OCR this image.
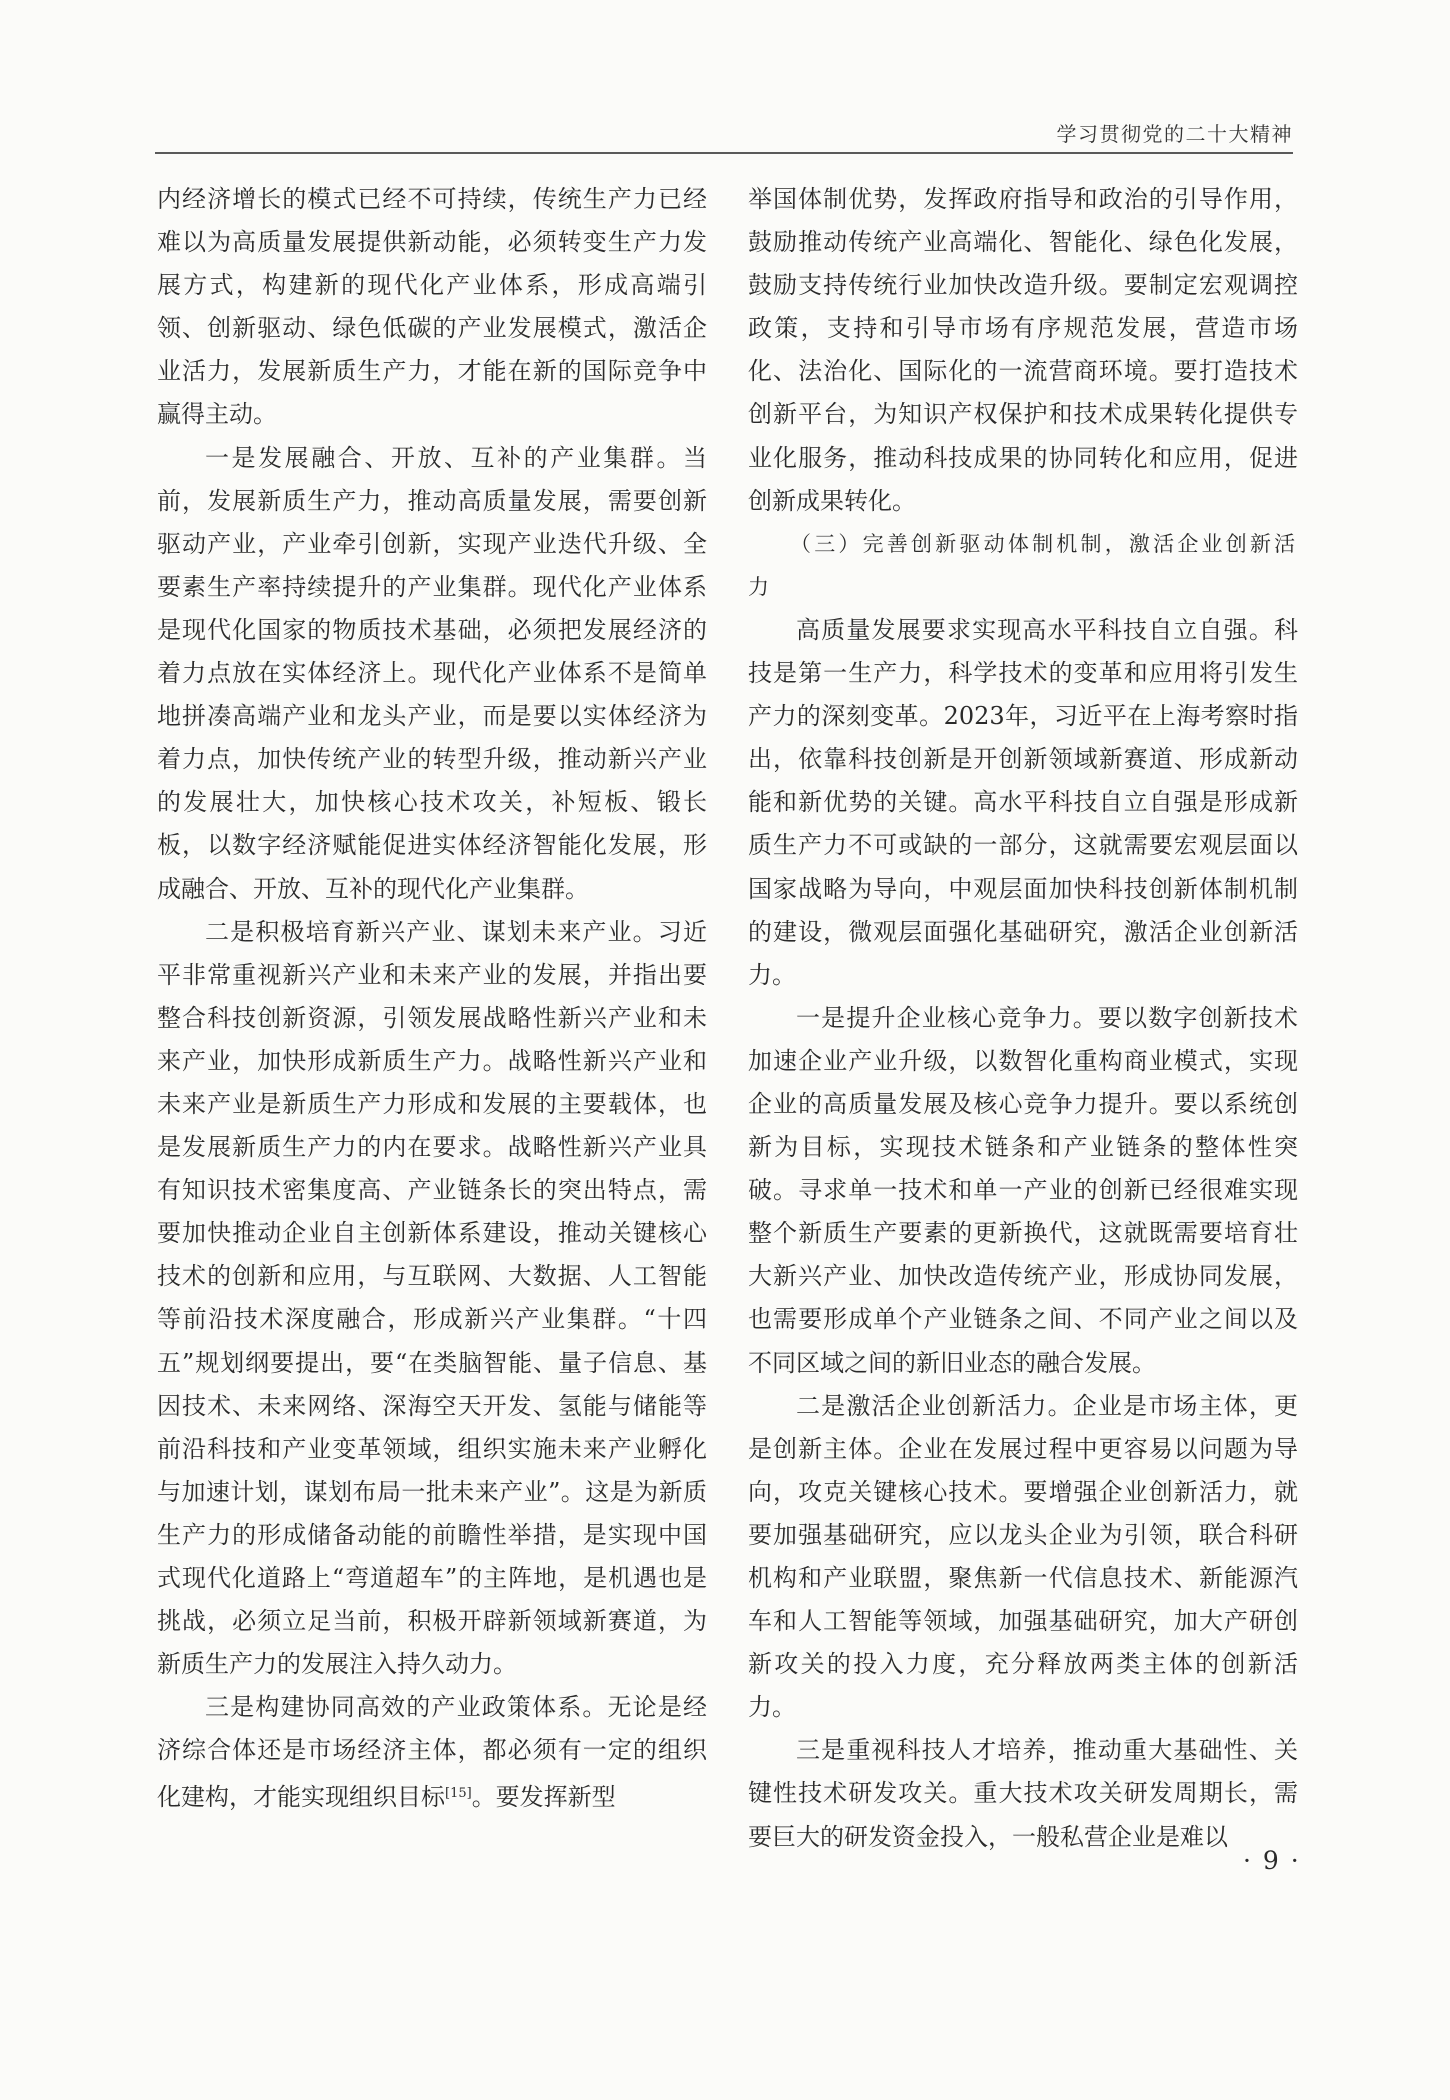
学习贯彻党的二十大精神

内经济增长的模式已经不可持续，传统生产力已经难以为高质量发展提供新动能，必须转变生产力发展方式，构建新的现代化产业体系，形成高端引领、创新驱动、绿色低碳的产业发展模式，激活企业活力，发展新质生产力，才能在新的国际竞争中赢得主动。

一是发展融合、开放、互补的产业集群。当前，发展新质生产力，推动高质量发展，需要创新驱动产业，产业牵引创新，实现产业迭代升级、全要素生产率持续提升的产业集群。现代化产业体系是现代化国家的物质技术基础，必须把发展经济的着力点放在实体经济上。现代化产业体系不是简单地拼凑高端产业和龙头产业，而是要以实体经济为着力点，加快传统产业的转型升级，推动新兴产业的发展壮大，加快核心技术攻关，补短板、锻长板，以数字经济赋能促进实体经济智能化发展，形成融合、开放、互补的现代化产业集群。

二是积极培育新兴产业、谋划未来产业。习近平非常重视新兴产业和未来产业的发展，并指出要整合科技创新资源，引领发展战略性新兴产业和未来产业，加快形成新质生产力。战略性新兴产业和未来产业是新质生产力形成和发展的主要载体，也是发展新质生产力的内在要求。战略性新兴产业具有知识技术密集度高、产业链条长的突出特点，需要加快推动企业自主创新体系建设，推动关键核心技术的创新和应用，与互联网、大数据、人工智能等前沿技术深度融合，形成新兴产业集群。“十四五”规划纲要提出，要“在类脑智能、量子信息、基因技术、未来网络、深海空天开发、氢能与储能等前沿科技和产业变革领域，组织实施未来产业孵化与加速计划，谋划布局一批未来产业”。这是为新质生产力的形成储备动能的前瞻性举措，是实现中国式现代化道路上“弯道超车”的主阵地，是机遇也是挑战，必须立足当前，积极开辟新领域新赛道，为新质生产力的发展注入持久动力。

三是构建协同高效的产业政策体系。无论是经济综合体还是市场经济主体，都必须有一定的组织化建构，才能实现组织目标[15]。要发挥新型

举国体制优势，发挥政府指导和政治的引导作用，鼓励推动传统产业高端化、智能化、绿色化发展，鼓励支持传统行业加快改造升级。要制定宏观调控政策，支持和引导市场有序规范发展，营造市场化、法治化、国际化的一流营商环境。要打造技术创新平台，为知识产权保护和技术成果转化提供专业化服务，推动科技成果的协同转化和应用，促进创新成果转化。

（三）完善创新驱动体制机制，激活企业创新活力

高质量发展要求实现高水平科技自立自强。科技是第一生产力，科学技术的变革和应用将引发生产力的深刻变革。2023年，习近平在上海考察时指出，依靠科技创新是开创新领域新赛道、形成新动能和新优势的关键。高水平科技自立自强是形成新质生产力不可或缺的一部分，这就需要宏观层面以国家战略为导向，中观层面加快科技创新体制机制的建设，微观层面强化基础研究，激活企业创新活力。

一是提升企业核心竞争力。要以数字创新技术加速企业产业升级，以数智化重构商业模式，实现企业的高质量发展及核心竞争力提升。要以系统创新为目标，实现技术链条和产业链条的整体性突破。寻求单一技术和单一产业的创新已经很难实现整个新质生产要素的更新换代，这就既需要培育壮大新兴产业、加快改造传统产业，形成协同发展，也需要形成单个产业链条之间、不同产业之间以及不同区域之间的新旧业态的融合发展。

二是激活企业创新活力。企业是市场主体，更是创新主体。企业在发展过程中更容易以问题为导向，攻克关键核心技术。要增强企业创新活力，就要加强基础研究，应以龙头企业为引领，联合科研机构和产业联盟，聚焦新一代信息技术、新能源汽车和人工智能等领域，加强基础研究，加大产研创新攻关的投入力度，充分释放两类主体的创新活力。

三是重视科技人才培养，推动重大基础性、关键性技术研发攻关。重大技术攻关研发周期长，需要巨大的研发资金投入，一般私营企业是难以

· 9 ·
